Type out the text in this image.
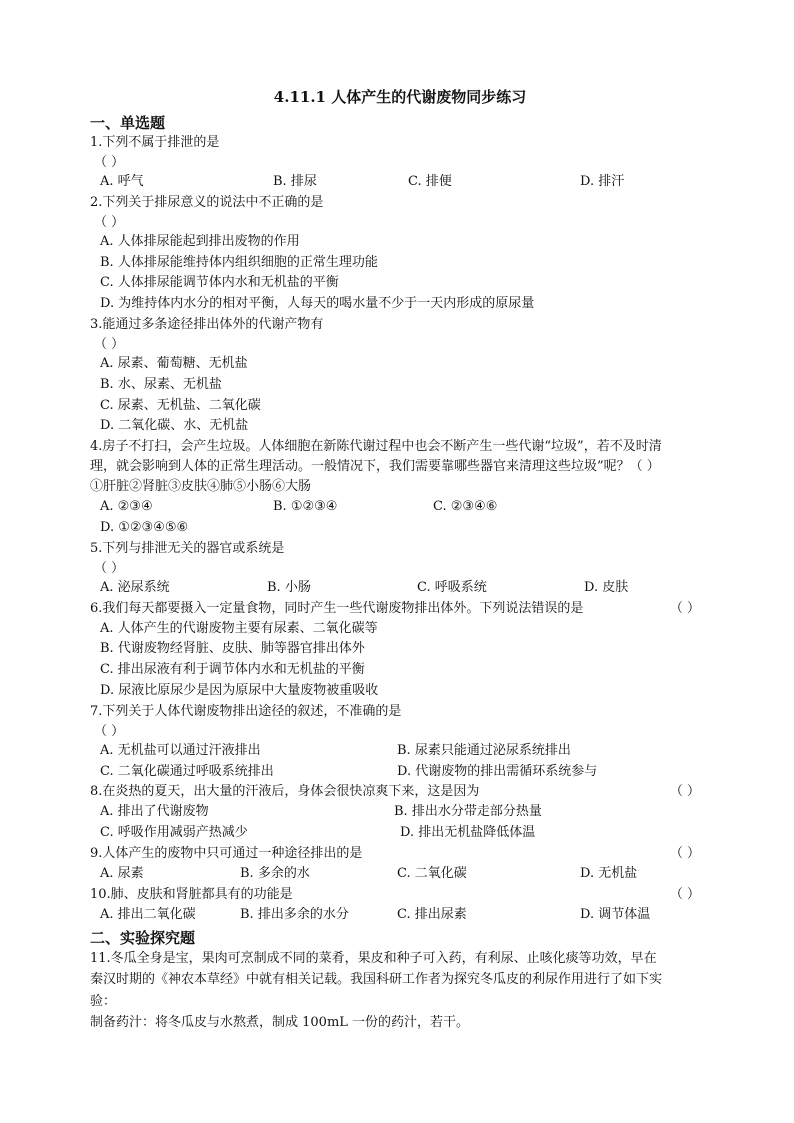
4.11.1 人体产生的代谢废物同步练习
一、单选题
1.下列不属于排泄的是
（ ）
A. 呼气	B. 排尿	C. 排便	D. 排汗
2.下列关于排尿意义的说法中不正确的是
（ ）
A. 人体排尿能起到排出废物的作用
B. 人体排尿能维持体内组织细胞的正常生理功能
C. 人体排尿能调节体内水和无机盐的平衡
D. 为维持体内水分的相对平衡，人每天的喝水量不少于一天内形成的原尿量
3.能通过多条途径排出体外的代谢产物有
（ ）
A. 尿素、葡萄糖、无机盐
B. 水、尿素、无机盐
C. 尿素、无机盐、二氧化碳
D. 二氧化碳、水、无机盐
4.房子不打扫，会产生垃圾。人体细胞在新陈代谢过程中也会不断产生一些代谢“垃圾”，若不及时清
理，就会影响到人体的正常生理活动。一般情况下，我们需要靠哪些器官来清理这些垃圾”呢？（ ）
①肝脏②肾脏③皮肤④肺⑤小肠⑥大肠
A. ②③④	B. ①②③④	C. ②③④⑥
D. ①②③④⑤⑥
5.下列与排泄无关的器官或系统是
（ ）
A. 泌尿系统	B. 小肠	C. 呼吸系统	D. 皮肤
6.我们每天都要摄入一定量食物，同时产生一些代谢废物排出体外。下列说法错误的是	（ ）
A. 人体产生的代谢废物主要有尿素、二氧化碳等
B. 代谢废物经肾脏、皮肤、肺等器官排出体外
C. 排出尿液有利于调节体内水和无机盐的平衡
D. 尿液比原尿少是因为原尿中大量废物被重吸收
7.下列关于人体代谢废物排出途径的叙述，不准确的是
（ ）
A. 无机盐可以通过汗液排出	B. 尿素只能通过泌尿系统排出
C. 二氧化碳通过呼吸系统排出	D. 代谢废物的排出需循环系统参与
8.在炎热的夏天，出大量的汗液后，身体会很快凉爽下来，这是因为	（ ）
A. 排出了代谢废物	B. 排出水分带走部分热量
C. 呼吸作用减弱产热减少	D. 排出无机盐降低体温
9.人体产生的废物中只可通过一种途径排出的是	（ ）
A. 尿素	B. 多余的水	C. 二氧化碳	D. 无机盐
10.肺、皮肤和肾脏都具有的功能是	（ ）
A. 排出二氧化碳	B. 排出多余的水分	C. 排出尿素	D. 调节体温
二、实验探究题
11.冬瓜全身是宝，果肉可烹制成不同的菜肴，果皮和种子可入药，有利尿、止咳化痰等功效，早在
秦汉时期的《神农本草经》中就有相关记载。我国科研工作者为探究冬瓜皮的利尿作用进行了如下实
验：
制备药汁：将冬瓜皮与水熬煮，制成 100mL 一份的药汁，若干。
